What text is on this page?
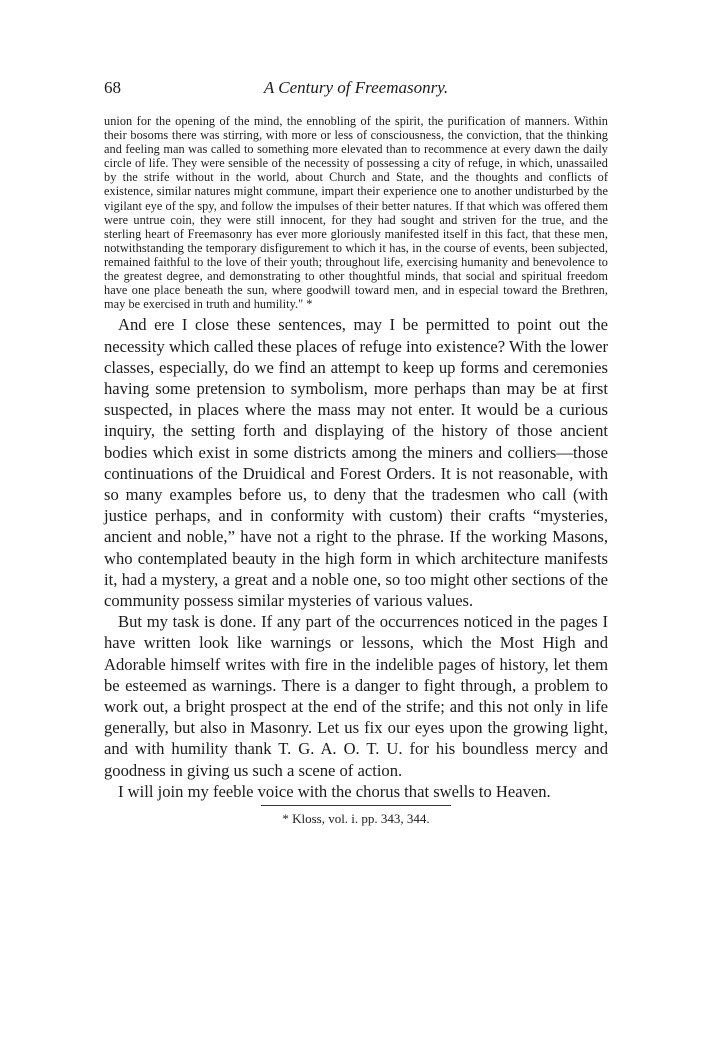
68	A Century of Freemasonry.

union for the opening of the mind, the ennobling of the spirit, the purification of manners. Within their bosoms there was stirring, with more or less of consciousness, the conviction, that the thinking and feeling man was called to something more elevated than to recommence at every dawn the daily circle of life. They were sensible of the necessity of possessing a city of refuge, in which, unassailed by the strife without in the world, about Church and State, and the thoughts and conflicts of existence, similar natures might commune, impart their experience one to another undisturbed by the vigilant eye of the spy, and follow the impulses of their better natures. If that which was offered them were untrue coin, they were still innocent, for they had sought and striven for the true, and the sterling heart of Freemasonry has ever more gloriously manifested itself in this fact, that these men, notwithstanding the temporary disfigurement to which it has, in the course of events, been subjected, remained faithful to the love of their youth; throughout life, exercising humanity and benevolence to the greatest degree, and demonstrating to other thoughtful minds, that social and spiritual freedom have one place beneath the sun, where goodwill toward men, and in especial toward the Brethren, may be exercised in truth and humility." *

And ere I close these sentences, may I be permitted to point out the necessity which called these places of refuge into existence? With the lower classes, especially, do we find an attempt to keep up forms and ceremonies having some pretension to symbolism, more perhaps than may be at first suspected, in places where the mass may not enter. It would be a curious inquiry, the setting forth and displaying of the history of those ancient bodies which exist in some districts among the miners and colliers—those continuations of the Druidical and Forest Orders. It is not reasonable, with so many examples before us, to deny that the tradesmen who call (with justice perhaps, and in conformity with custom) their crafts “mysteries, ancient and noble,” have not a right to the phrase. If the working Masons, who contemplated beauty in the high form in which architecture manifests it, had a mystery, a great and a noble one, so too might other sections of the community possess similar mysteries of various values.

But my task is done. If any part of the occurrences noticed in the pages I have written look like warnings or lessons, which the Most High and Adorable himself writes with fire in the indelible pages of history, let them be esteemed as warnings. There is a danger to fight through, a problem to work out, a bright prospect at the end of the strife; and this not only in life generally, but also in Masonry. Let us fix our eyes upon the growing light, and with humility thank T. G. A. O. T. U. for his boundless mercy and goodness in giving us such a scene of action.

I will join my feeble voice with the chorus that swells to Heaven.

* Kloss, vol. i. pp. 343, 344.
